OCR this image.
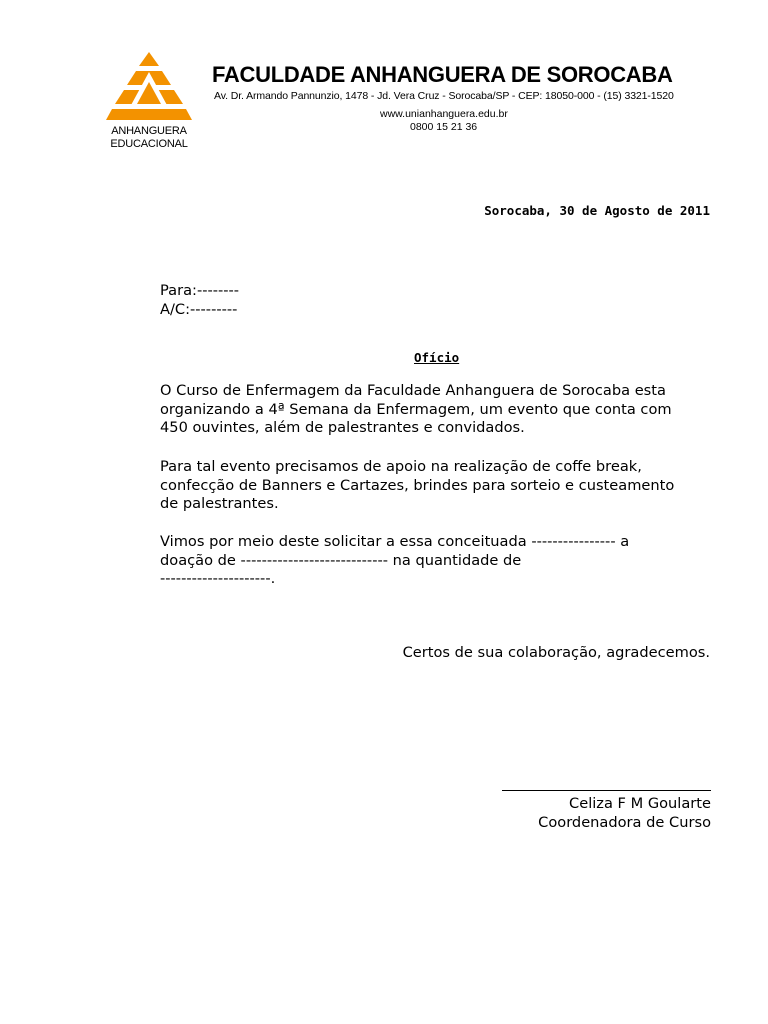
ANHANGUERA
EDUCACIONAL
FACULDADE ANHANGUERA DE SOROCABA
Av. Dr. Armando Pannunzio, 1478 - Jd. Vera Cruz - Sorocaba/SP - CEP: 18050-000 - (15) 3321-1520
www.unianhanguera.edu.br
0800 15 21 36
Sorocaba, 30 de Agosto de 2011
Para:--------
A/C:---------
Ofício
O Curso de Enfermagem da Faculdade Anhanguera de Sorocaba esta
organizando a 4ª Semana da Enfermagem, um evento que conta com
450 ouvintes, além de palestrantes e convidados.
Para tal evento precisamos de apoio na realização de coffe break,
confecção de Banners e Cartazes, brindes para sorteio e custeamento
de palestrantes.
Vimos por meio deste solicitar a essa conceituada ---------------- a
doação de ---------------------------- na quantidade de
---------------------.
Certos de sua colaboração, agradecemos.
Celiza F M Goularte
Coordenadora de Curso
